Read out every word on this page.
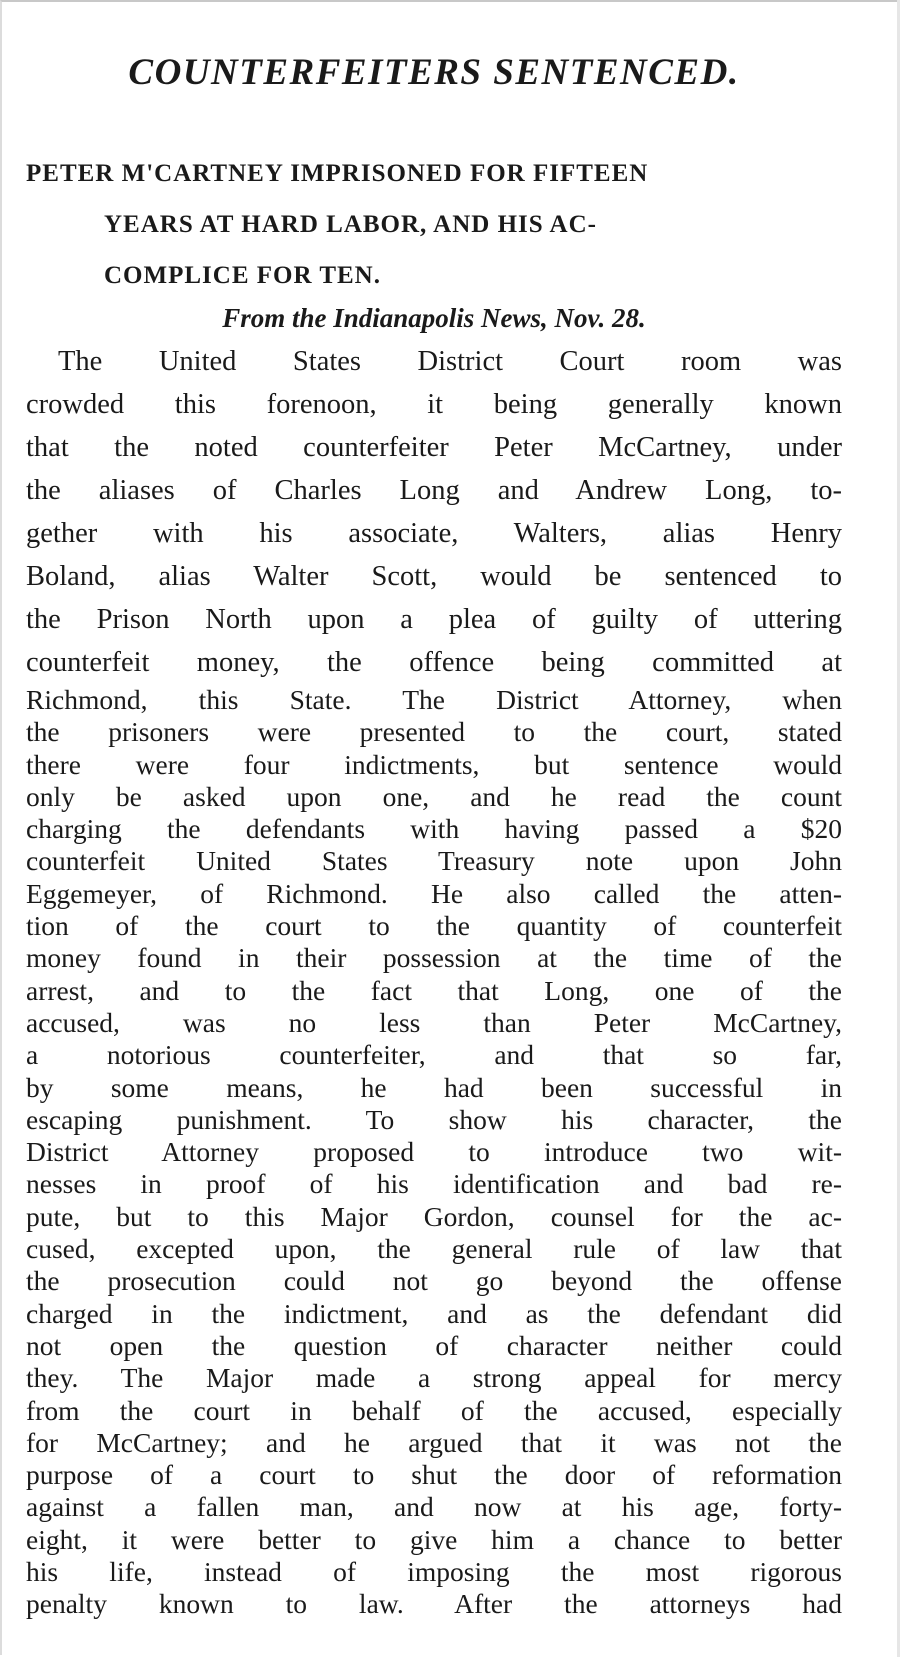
COUNTERFEITERS SENTENCED.
PETER M'CARTNEY IMPRISONED FOR FIFTEEN
YEARS AT HARD LABOR, AND HIS AC-
COMPLICE FOR TEN.
From the Indianapolis News, Nov. 28.
The United States District Court room was
crowded this forenoon, it being generally known
that the noted counterfeiter Peter McCartney, under
the aliases of Charles Long and Andrew Long, to-
gether with his associate, Walters, alias Henry
Boland, alias Walter Scott, would be sentenced to
the Prison North upon a plea of guilty of uttering
counterfeit money, the offence being committed at
Richmond, this State. The District Attorney, when
the prisoners were presented to the court, stated
there were four indictments, but sentence would
only be asked upon one, and he read the count
charging the defendants with having passed a $20
counterfeit United States Treasury note upon John
Eggemeyer, of Richmond. He also called the atten-
tion of the court to the quantity of counterfeit
money found in their possession at the time of the
arrest, and to the fact that Long, one of the
accused, was no less than Peter McCartney,
a notorious counterfeiter, and that so far,
by some means, he had been successful in
escaping punishment. To show his character, the
District Attorney proposed to introduce two wit-
nesses in proof of his identification and bad re-
pute, but to this Major Gordon, counsel for the ac-
cused, excepted upon, the general rule of law that
the prosecution could not go beyond the offense
charged in the indictment, and as the defendant did
not open the question of character neither could
they. The Major made a strong appeal for mercy
from the court in behalf of the accused, especially
for McCartney; and he argued that it was not the
purpose of a court to shut the door of reformation
against a fallen man, and now at his age, forty-
eight, it were better to give him a chance to better
his life, instead of imposing the most rigorous
penalty known to law. After the attorneys had
